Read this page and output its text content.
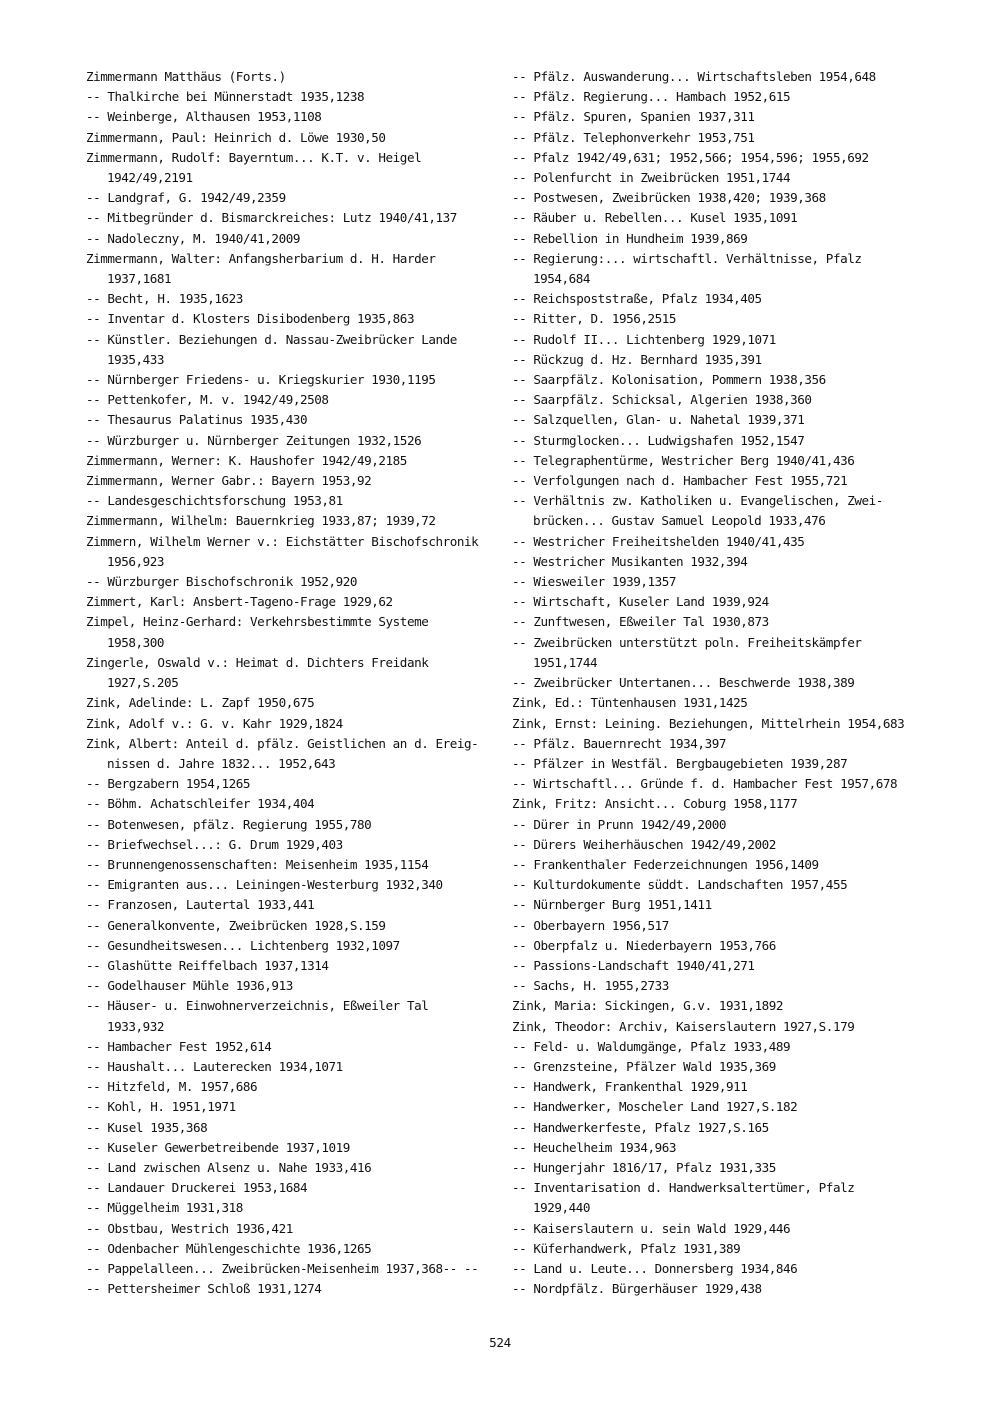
Zimmermann Matthäus (Forts.)
-- Thalkirche bei Münnerstadt 1935,1238
-- Weinberge, Althausen 1953,1108
Zimmermann, Paul: Heinrich d. Löwe 1930,50
Zimmermann, Rudolf: Bayerntum... K.T. v. Heigel
1942/49,2191
-- Landgraf, G. 1942/49,2359
-- Mitbegründer d. Bismarckreiches: Lutz 1940/41,137
-- Nadoleczny, M. 1940/41,2009
Zimmermann, Walter: Anfangsherbarium d. H. Harder
1937,1681
-- Becht, H. 1935,1623
-- Inventar d. Klosters Disibodenberg 1935,863
-- Künstler. Beziehungen d. Nassau-Zweibrücker Lande
1935,433
-- Nürnberger Friedens- u. Kriegskurier 1930,1195
-- Pettenkofer, M. v. 1942/49,2508
-- Thesaurus Palatinus 1935,430
-- Würzburger u. Nürnberger Zeitungen 1932,1526
Zimmermann, Werner: K. Haushofer 1942/49,2185
Zimmermann, Werner Gabr.: Bayern 1953,92
-- Landesgeschichtsforschung 1953,81
Zimmermann, Wilhelm: Bauernkrieg 1933,87; 1939,72
Zimmern, Wilhelm Werner v.: Eichstätter Bischofschronik
1956,923
-- Würzburger Bischofschronik 1952,920
Zimmert, Karl: Ansbert-Tageno-Frage 1929,62
Zimpel, Heinz-Gerhard: Verkehrsbestimmte Systeme
1958,300
Zingerle, Oswald v.: Heimat d. Dichters Freidank
1927,S.205
Zink, Adelinde: L. Zapf 1950,675
Zink, Adolf v.: G. v. Kahr 1929,1824
Zink, Albert: Anteil d. pfälz. Geistlichen an d. Ereig-
nissen d. Jahre 1832... 1952,643
-- Bergzabern 1954,1265
-- Böhm. Achatschleifer 1934,404
-- Botenwesen, pfälz. Regierung 1955,780
-- Briefwechsel...: G. Drum 1929,403
-- Brunnengenossenschaften: Meisenheim 1935,1154
-- Emigranten aus... Leiningen-Westerburg 1932,340
-- Franzosen, Lautertal 1933,441
-- Generalkonvente, Zweibrücken 1928,S.159
-- Gesundheitswesen... Lichtenberg 1932,1097
-- Glashütte Reiffelbach 1937,1314
-- Godelhauser Mühle 1936,913
-- Häuser- u. Einwohnerverzeichnis, Eßweiler Tal
1933,932
-- Hambacher Fest 1952,614
-- Haushalt... Lauterecken 1934,1071
-- Hitzfeld, M. 1957,686
-- Kohl, H. 1951,1971
-- Kusel 1935,368
-- Kuseler Gewerbetreibende 1937,1019
-- Land zwischen Alsenz u. Nahe 1933,416
-- Landauer Druckerei 1953,1684
-- Müggelheim 1931,318
-- Obstbau, Westrich 1936,421
-- Odenbacher Mühlengeschichte 1936,1265
-- Pappelalleen... Zweibrücken-Meisenheim 1937,368-- --
-- Pettersheimer Schloß 1931,1274
-- Pfälz. Auswanderung... Wirtschaftsleben 1954,648
-- Pfälz. Regierung... Hambach 1952,615
-- Pfälz. Spuren, Spanien 1937,311
-- Pfälz. Telephonverkehr 1953,751
-- Pfalz 1942/49,631; 1952,566; 1954,596; 1955,692
-- Polenfurcht in Zweibrücken 1951,1744
-- Postwesen, Zweibrücken 1938,420; 1939,368
-- Räuber u. Rebellen... Kusel 1935,1091
-- Rebellion in Hundheim 1939,869
-- Regierung:... wirtschaftl. Verhältnisse, Pfalz
1954,684
-- Reichspoststraße, Pfalz 1934,405
-- Ritter, D. 1956,2515
-- Rudolf II... Lichtenberg 1929,1071
-- Rückzug d. Hz. Bernhard 1935,391
-- Saarpfälz. Kolonisation, Pommern 1938,356
-- Saarpfälz. Schicksal, Algerien 1938,360
-- Salzquellen, Glan- u. Nahetal 1939,371
-- Sturmglocken... Ludwigshafen 1952,1547
-- Telegraphentürme, Westricher Berg 1940/41,436
-- Verfolgungen nach d. Hambacher Fest 1955,721
-- Verhältnis zw. Katholiken u. Evangelischen, Zwei-
brücken... Gustav Samuel Leopold 1933,476
-- Westricher Freiheitshelden 1940/41,435
-- Westricher Musikanten 1932,394
-- Wiesweiler 1939,1357
-- Wirtschaft, Kuseler Land 1939,924
-- Zunftwesen, Eßweiler Tal 1930,873
-- Zweibrücken unterstützt poln. Freiheitskämpfer
1951,1744
-- Zweibrücker Untertanen... Beschwerde 1938,389
Zink, Ed.: Tüntenhausen 1931,1425
Zink, Ernst: Leining. Beziehungen, Mittelrhein 1954,683
-- Pfälz. Bauernrecht 1934,397
-- Pfälzer in Westfäl. Bergbaugebieten 1939,287
-- Wirtschaftl... Gründe f. d. Hambacher Fest 1957,678
Zink, Fritz: Ansicht... Coburg 1958,1177
-- Dürer in Prunn 1942/49,2000
-- Dürers Weiherhäuschen 1942/49,2002
-- Frankenthaler Federzeichnungen 1956,1409
-- Kulturdokumente süddt. Landschaften 1957,455
-- Nürnberger Burg 1951,1411
-- Oberbayern 1956,517
-- Oberpfalz u. Niederbayern 1953,766
-- Passions-Landschaft 1940/41,271
-- Sachs, H. 1955,2733
Zink, Maria: Sickingen, G.v. 1931,1892
Zink, Theodor: Archiv, Kaiserslautern 1927,S.179
-- Feld- u. Waldumgänge, Pfalz 1933,489
-- Grenzsteine, Pfälzer Wald 1935,369
-- Handwerk, Frankenthal 1929,911
-- Handwerker, Moscheler Land 1927,S.182
-- Handwerkerfeste, Pfalz 1927,S.165
-- Heuchelheim 1934,963
-- Hungerjahr 1816/17, Pfalz 1931,335
-- Inventarisation d. Handwerksaltertümer, Pfalz
1929,440
-- Kaiserslautern u. sein Wald 1929,446
-- Küferhandwerk, Pfalz 1931,389
-- Land u. Leute... Donnersberg 1934,846
-- Nordpfälz. Bürgerhäuser 1929,438
524
